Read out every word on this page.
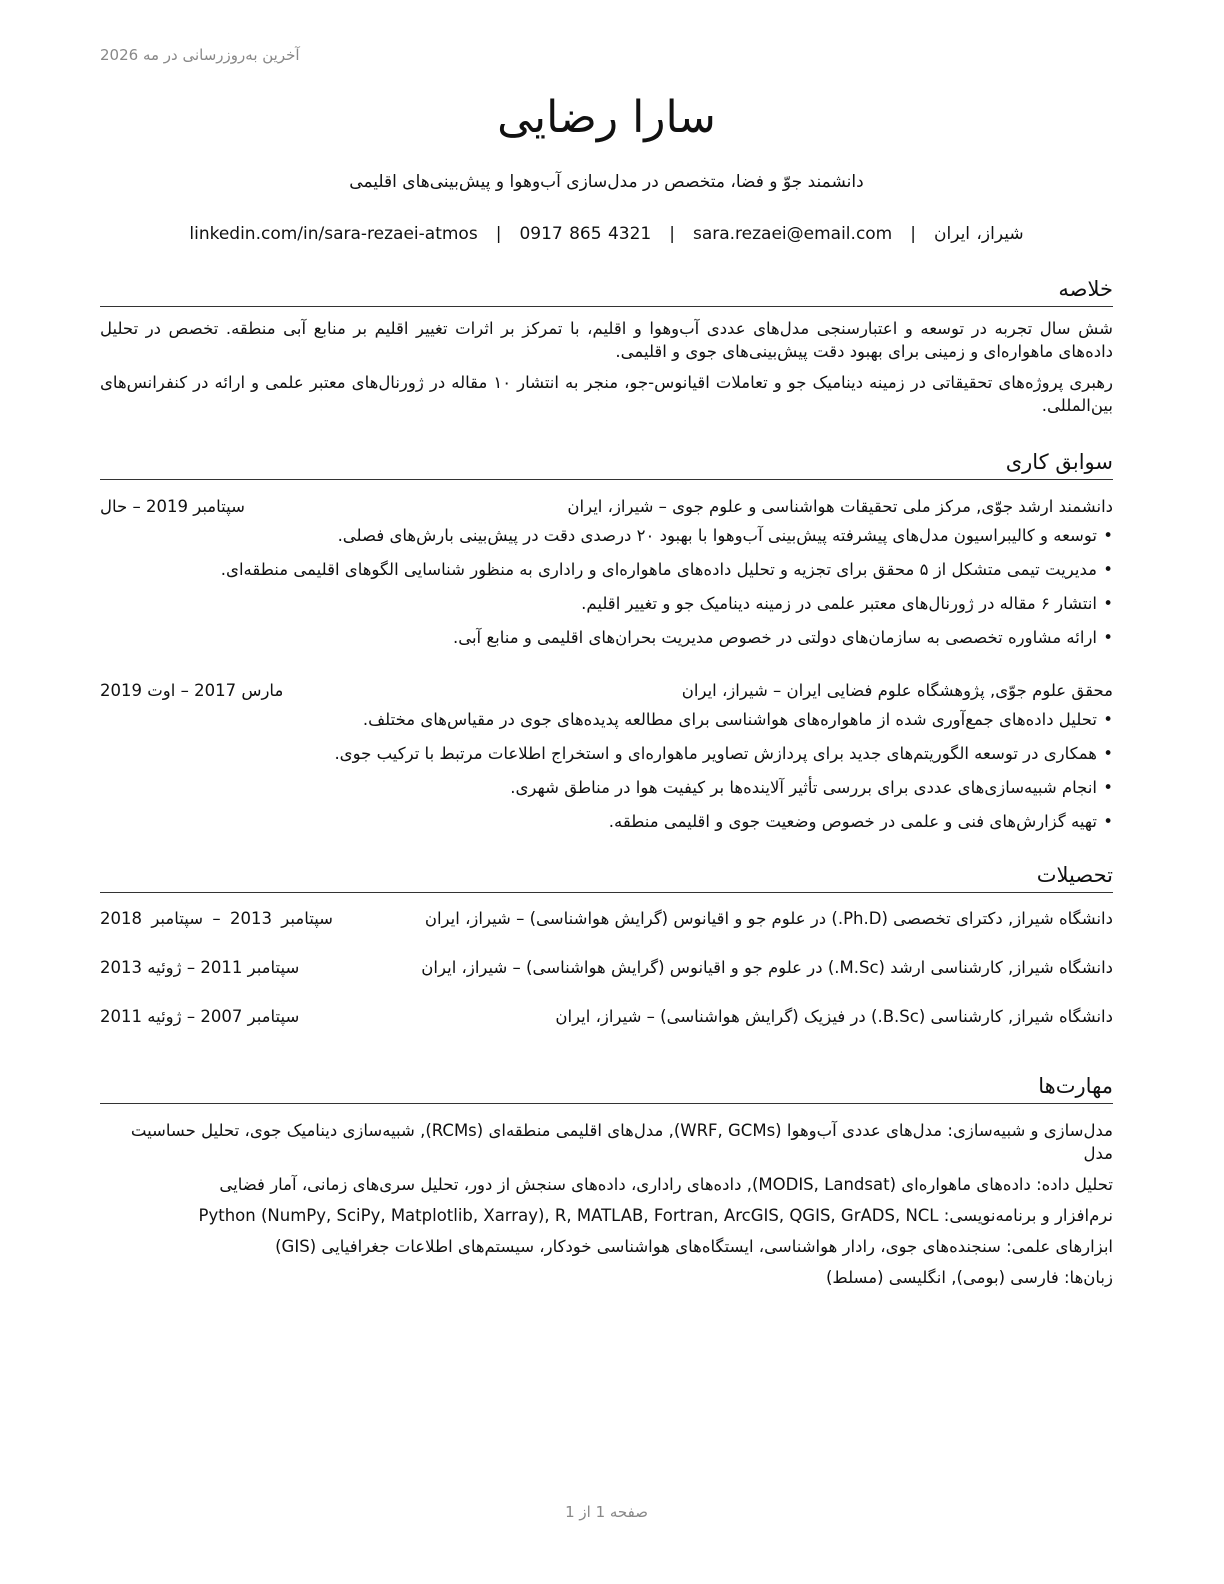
آخرین به‌روزرسانی در مه 2026
سارا رضایی
دانشمند جوّ و فضا، متخصص در مدل‌سازی آب‌وهوا و پیش‌بینی‌های اقلیمی
شیراز، ایران|sara.rezaei@email.com|0917 865 4321|linkedin.com/in/sara-rezaei-atmos
خلاصه
شش سال تجربه در توسعه و اعتبارسنجی مدل‌های عددی آب‌وهوا و اقلیم، با تمرکز بر اثرات تغییر اقلیم بر منابع آبی منطقه. تخصص در تحلیل داده‌های ماهواره‌ای و زمینی برای بهبود دقت پیش‌بینی‌های جوی و اقلیمی.
رهبری پروژه‌های تحقیقاتی در زمینه دینامیک جو و تعاملات اقیانوس-جو، منجر به انتشار ۱۰ مقاله در ژورنال‌های معتبر علمی و ارائه در کنفرانس‌های بین‌المللی.
سوابق کاری
دانشمند ارشد جوّی, مرکز ملی تحقیقات هواشناسی و علوم جوی – شیراز، ایران
سپتامبر 2019 – حال
• توسعه و کالیبراسیون مدل‌های پیشرفته پیش‌بینی آب‌وهوا با بهبود ۲۰ درصدی دقت در پیش‌بینی بارش‌های فصلی.
• مدیریت تیمی متشکل از ۵ محقق برای تجزیه و تحلیل داده‌های ماهواره‌ای و راداری به منظور شناسایی الگوهای اقلیمی منطقه‌ای.
• انتشار ۶ مقاله در ژورنال‌های معتبر علمی در زمینه دینامیک جو و تغییر اقلیم.
• ارائه مشاوره تخصصی به سازمان‌های دولتی در خصوص مدیریت بحران‌های اقلیمی و منابع آبی.
محقق علوم جوّی, پژوهشگاه علوم فضایی ایران – شیراز، ایران
مارس 2017 – اوت 2019
• تحلیل داده‌های جمع‌آوری شده از ماهواره‌های هواشناسی برای مطالعه پدیده‌های جوی در مقیاس‌های مختلف.
• همکاری در توسعه الگوریتم‌های جدید برای پردازش تصاویر ماهواره‌ای و استخراج اطلاعات مرتبط با ترکیب جوی.
• انجام شبیه‌سازی‌های عددی برای بررسی تأثیر آلاینده‌ها بر کیفیت هوا در مناطق شهری.
• تهیه گزارش‌های فنی و علمی در خصوص وضعیت جوی و اقلیمی منطقه.
تحصیلات
دانشگاه شیراز, دکترای تخصصی (Ph.D.) در علوم جو و اقیانوس (گرایش هواشناسی) – شیراز، ایران
سپتامبر 2013 – سپتامبر 2018
دانشگاه شیراز, کارشناسی ارشد (M.Sc.) در علوم جو و اقیانوس (گرایش هواشناسی) – شیراز، ایران
سپتامبر 2011 – ژوئیه 2013
دانشگاه شیراز, کارشناسی (B.Sc.) در فیزیک (گرایش هواشناسی) – شیراز، ایران
سپتامبر 2007 – ژوئیه 2011
مهارت‌ها
مدل‌سازی و شبیه‌سازی: مدل‌های عددی آب‌وهوا (WRF, GCMs), مدل‌های اقلیمی منطقه‌ای (RCMs), شبیه‌سازی دینامیک جوی، تحلیل حساسیت مدل
تحلیل داده: داده‌های ماهواره‌ای (MODIS, Landsat), داده‌های راداری، داده‌های سنجش از دور، تحلیل سری‌های زمانی، آمار فضایی
نرم‌افزار و برنامه‌نویسی: Python (NumPy, SciPy, Matplotlib, Xarray), R, MATLAB, Fortran, ArcGIS, QGIS, GrADS, NCL
ابزارهای علمی: سنجنده‌های جوی، رادار هواشناسی، ایستگاه‌های هواشناسی خودکار، سیستم‌های اطلاعات جغرافیایی (GIS)
زبان‌ها: فارسی (بومی), انگلیسی (مسلط)
صفحه 1 از 1
